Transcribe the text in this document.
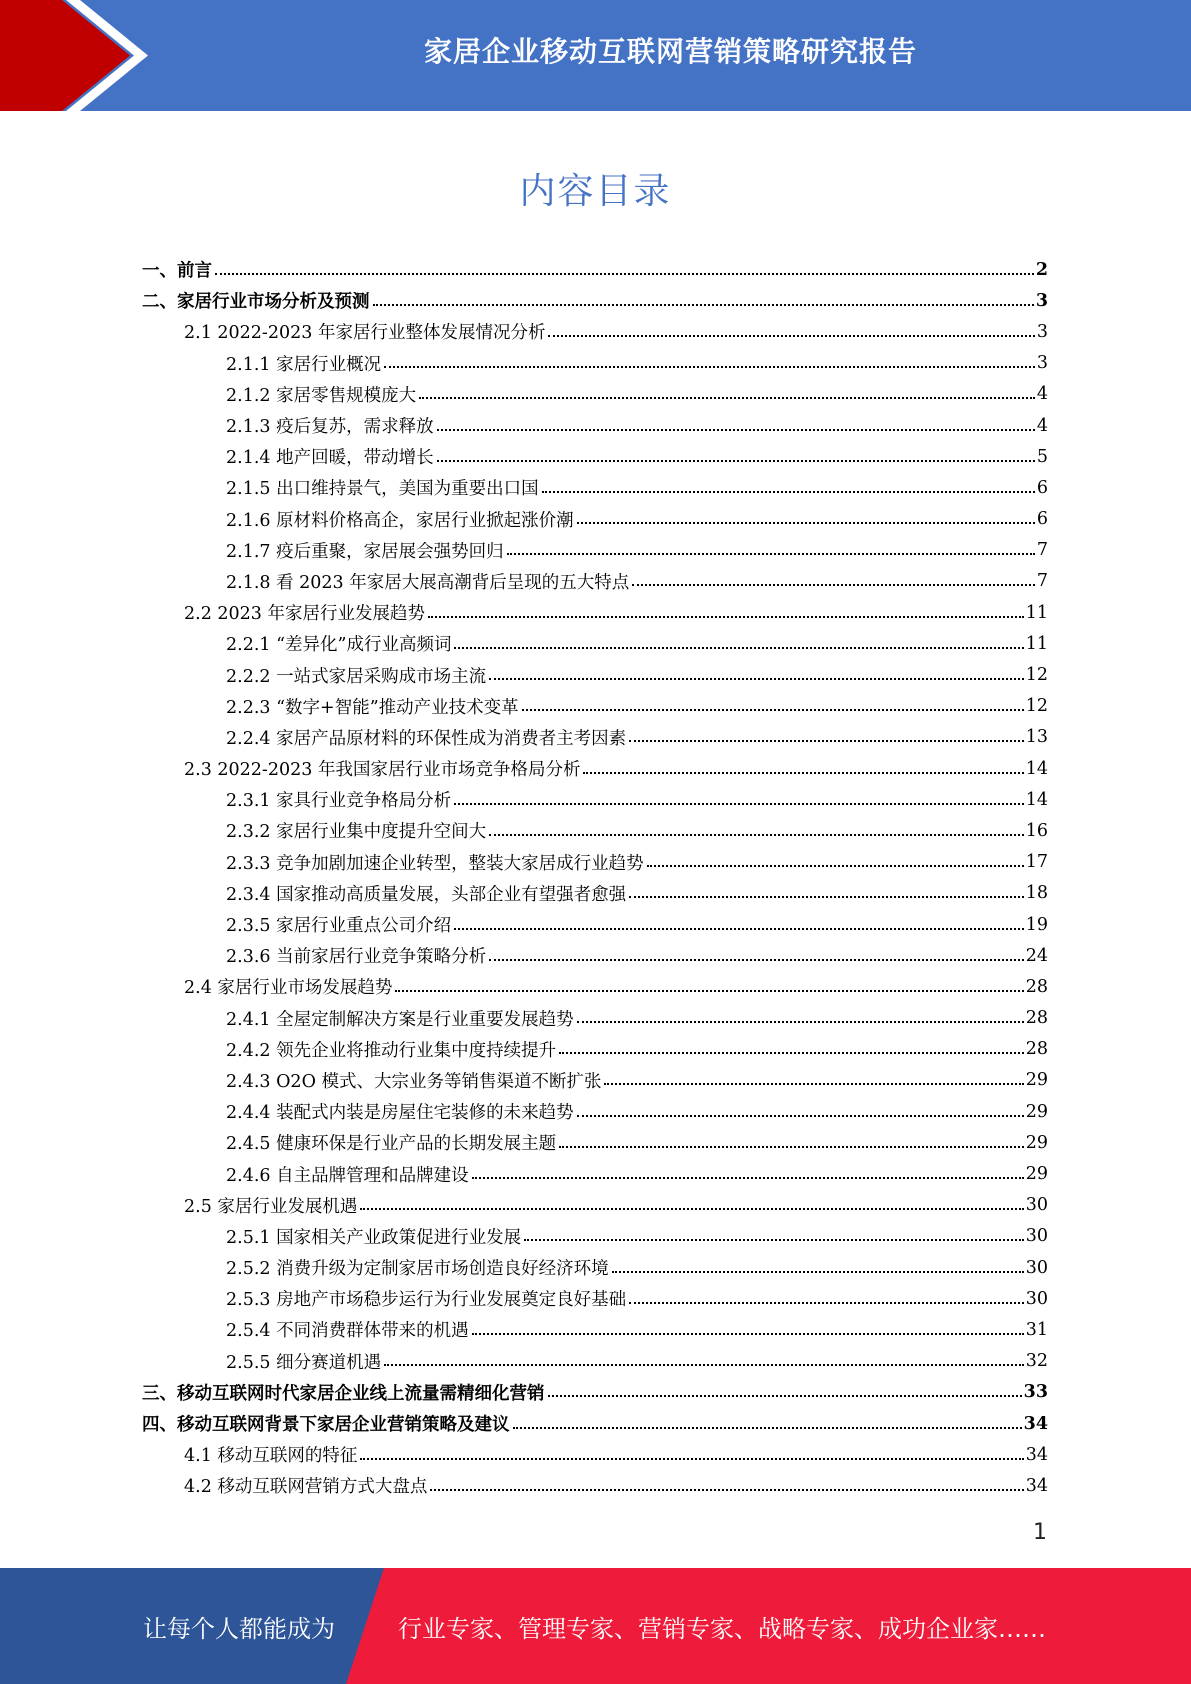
家居企业移动互联网营销策略研究报告
内容目录
一、前言	2
二、家居行业市场分析及预测	3
2.1 2022-2023 年家居行业整体发展情况分析	3
2.1.1 家居行业概况	3
2.1.2 家居零售规模庞大	4
2.1.3 疫后复苏，需求释放	4
2.1.4 地产回暖，带动增长	5
2.1.5 出口维持景气，美国为重要出口国	6
2.1.6 原材料价格高企，家居行业掀起涨价潮	6
2.1.7 疫后重聚，家居展会强势回归	7
2.1.8 看 2023 年家居大展高潮背后呈现的五大特点	7
2.2 2023 年家居行业发展趋势	11
2.2.1 “差异化”成行业高频词	11
2.2.2 一站式家居采购成市场主流	12
2.2.3 “数字+智能”推动产业技术变革	12
2.2.4 家居产品原材料的环保性成为消费者主考因素	13
2.3 2022-2023 年我国家居行业市场竞争格局分析	14
2.3.1 家具行业竞争格局分析	14
2.3.2 家居行业集中度提升空间大	16
2.3.3 竞争加剧加速企业转型，整装大家居成行业趋势	17
2.3.4 国家推动高质量发展，头部企业有望强者愈强	18
2.3.5 家居行业重点公司介绍	19
2.3.6 当前家居行业竞争策略分析	24
2.4 家居行业市场发展趋势	28
2.4.1 全屋定制解决方案是行业重要发展趋势	28
2.4.2 领先企业将推动行业集中度持续提升	28
2.4.3 O2O 模式、大宗业务等销售渠道不断扩张	29
2.4.4 装配式内装是房屋住宅装修的未来趋势	29
2.4.5 健康环保是行业产品的长期发展主题	29
2.4.6 自主品牌管理和品牌建设	29
2.5 家居行业发展机遇	30
2.5.1 国家相关产业政策促进行业发展	30
2.5.2 消费升级为定制家居市场创造良好经济环境	30
2.5.3 房地产市场稳步运行为行业发展奠定良好基础	30
2.5.4 不同消费群体带来的机遇	31
2.5.5 细分赛道机遇	32
三、移动互联网时代家居企业线上流量需精细化营销	33
四、移动互联网背景下家居企业营销策略及建议	34
4.1 移动互联网的特征	34
4.2 移动互联网营销方式大盘点	34
1
让每个人都能成为	行业专家、管理专家、营销专家、战略专家、成功企业家……
